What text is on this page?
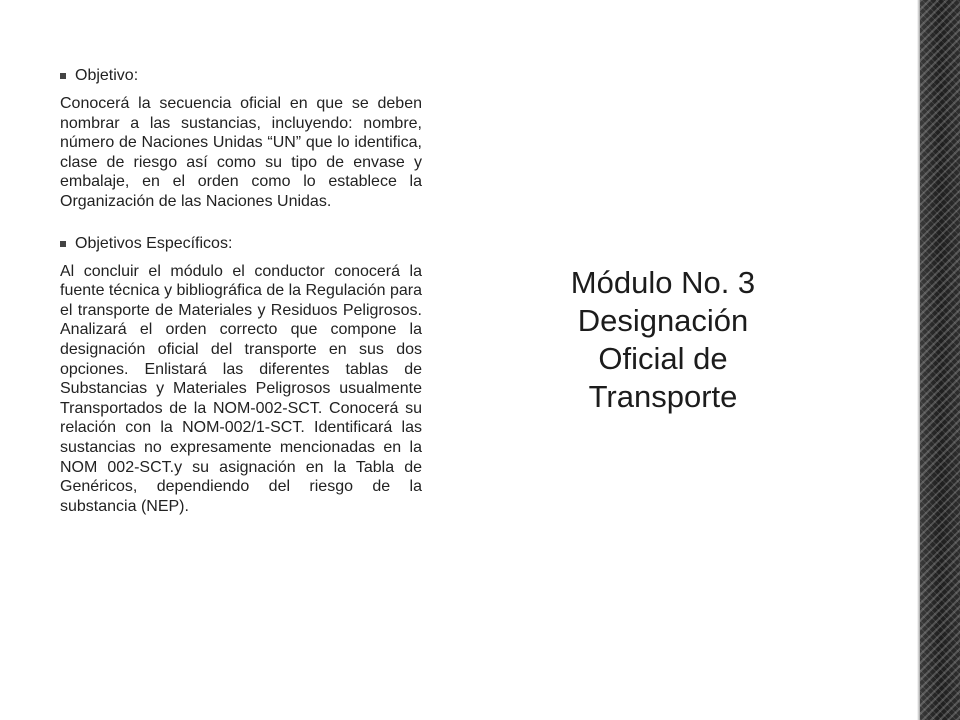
Objetivo:

Conocerá la secuencia oficial en que se deben nombrar a las sustancias, incluyendo: nombre, número de Naciones Unidas “UN” que lo identifica, clase de riesgo así como su tipo de envase y embalaje, en el orden como lo establece la Organización de las Naciones Unidas.

Objetivos Específicos:

Al concluir el módulo el conductor conocerá la fuente técnica y bibliográfica de la Regulación para el transporte de Materiales y Residuos Peligrosos. Analizará el orden correcto que compone la designación oficial del transporte en sus dos opciones. Enlistará las diferentes tablas de Substancias y Materiales Peligrosos usualmente Transportados de la NOM-002-SCT. Conocerá su relación con la NOM-002/1-SCT. Identificará las sustancias no expresamente mencionadas en la NOM 002-SCT.y su asignación en la Tabla de Genéricos, dependiendo del riesgo de la substancia (NEP).

Módulo No. 3
Designación
Oficial de
Transporte
